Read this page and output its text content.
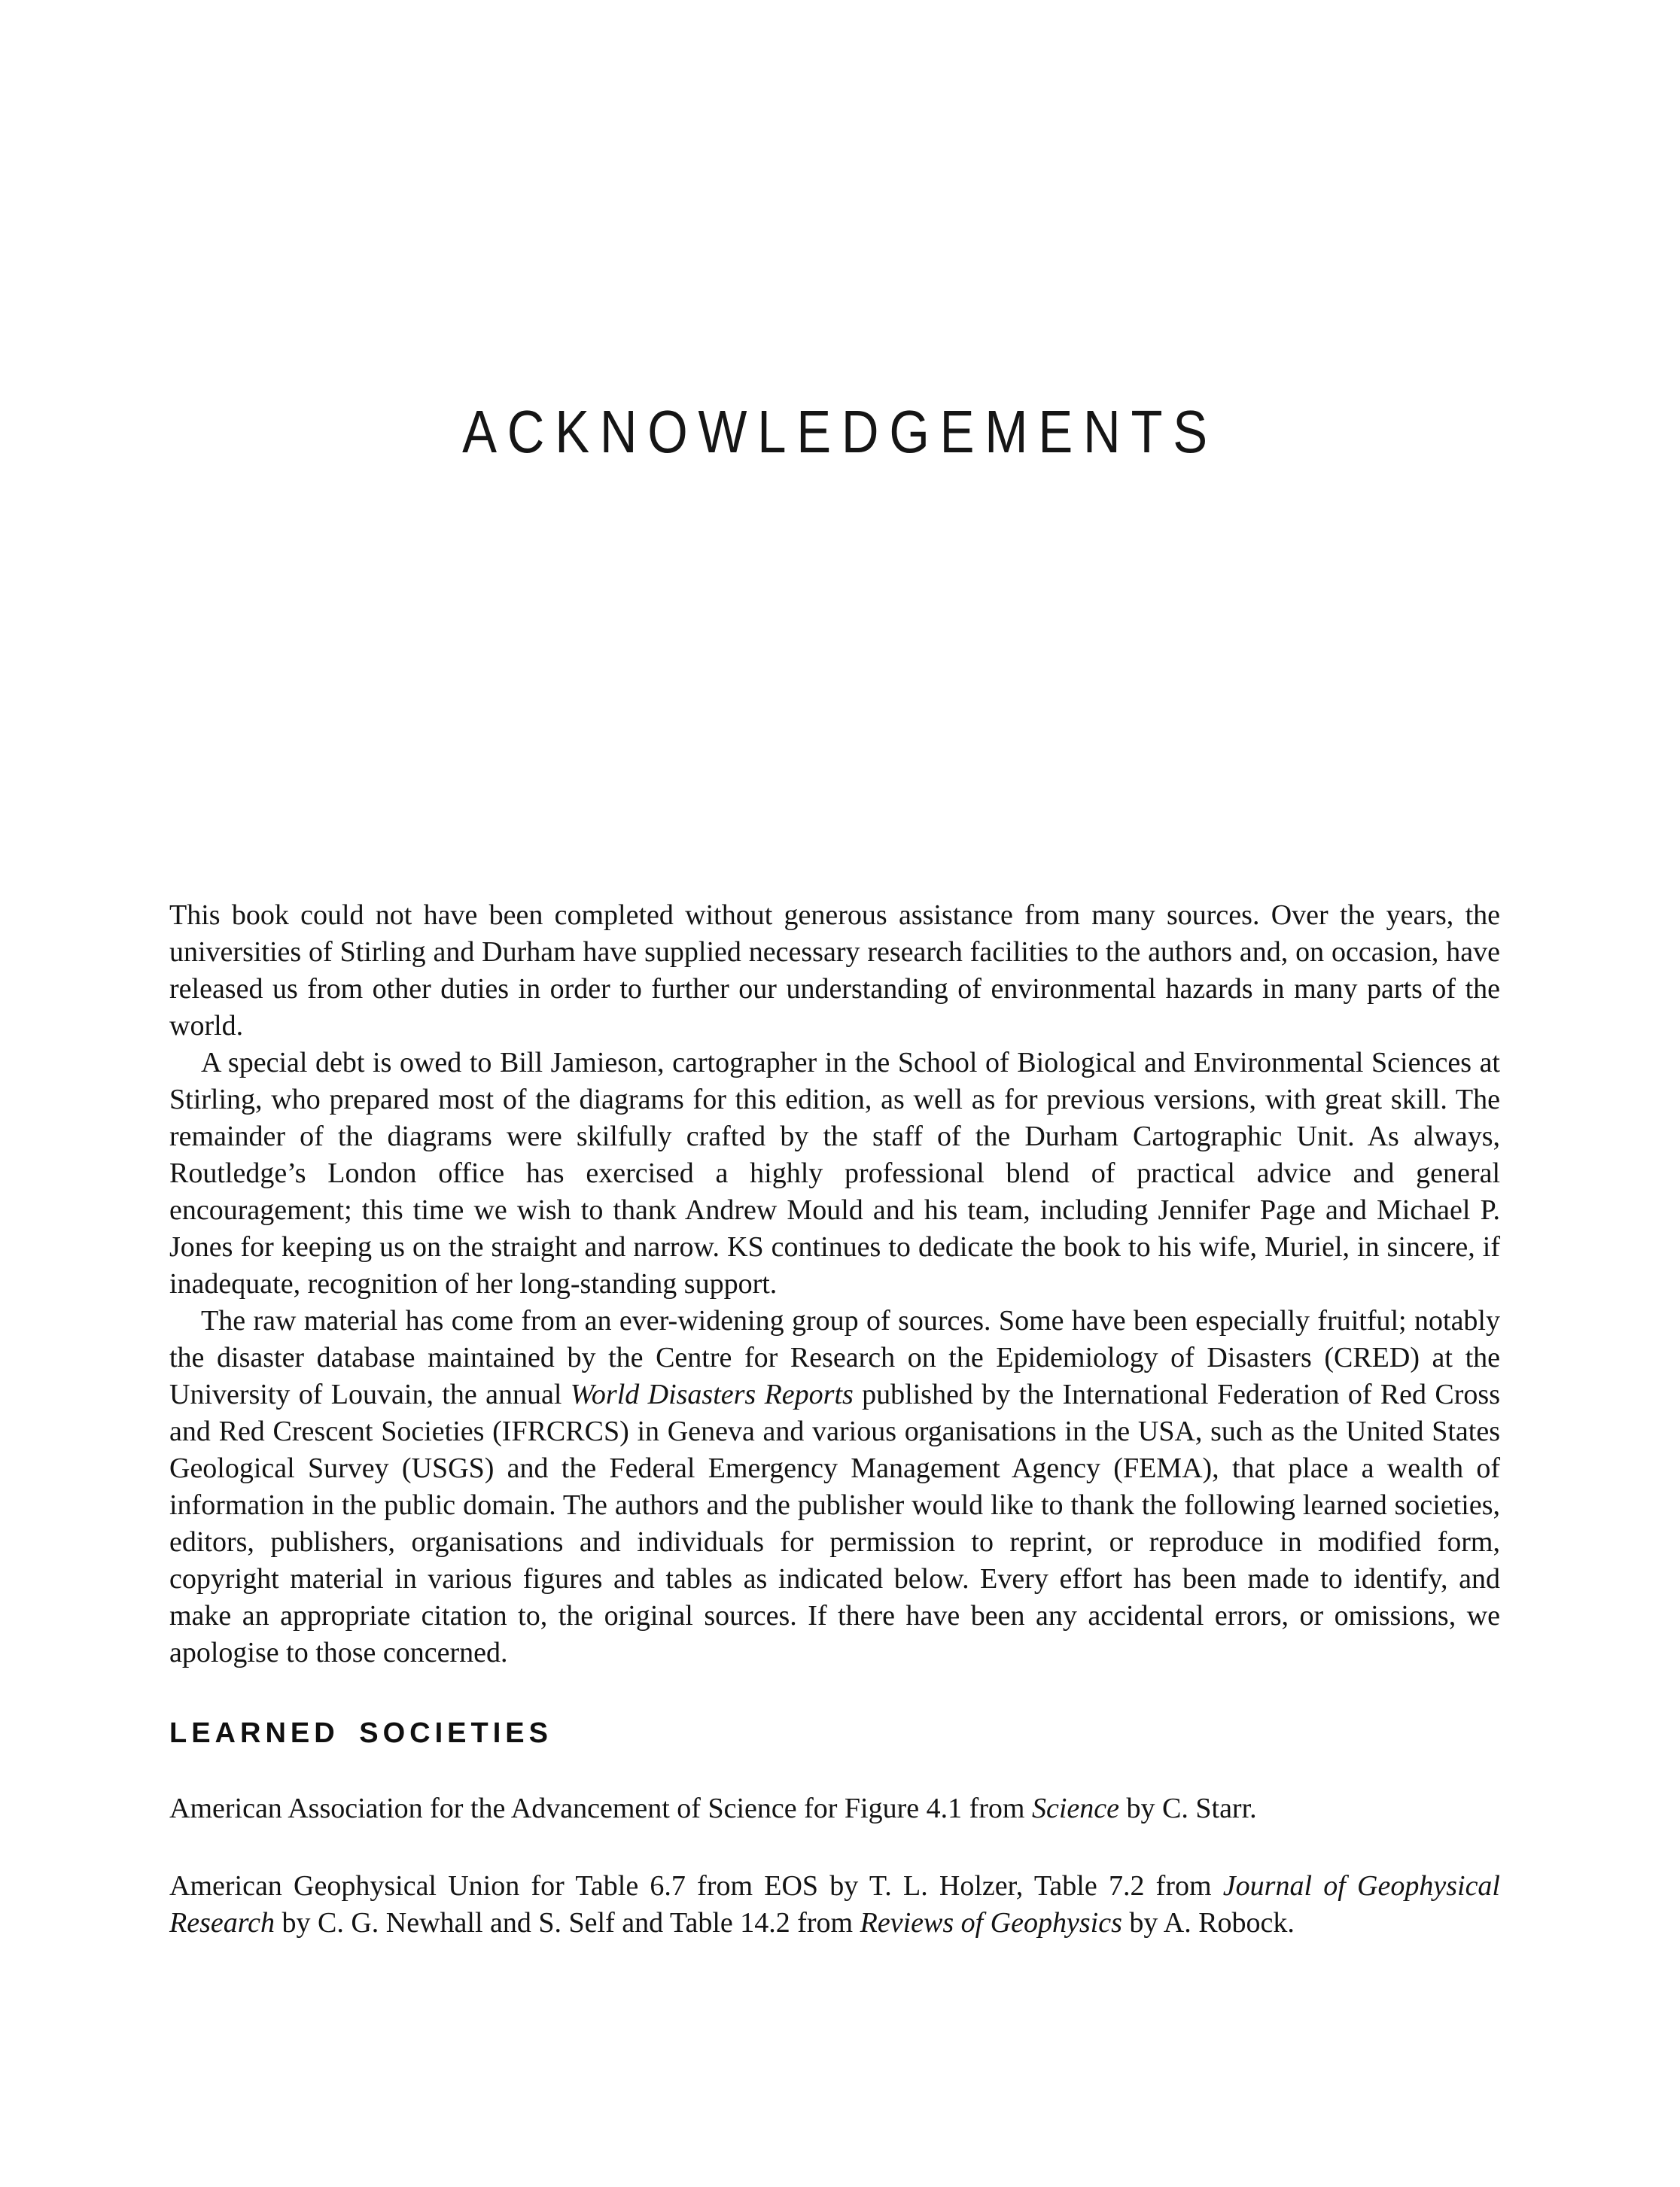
ACKNOWLEDGEMENTS

This book could not have been completed without generous assistance from many sources. Over the years, the universities of Stirling and Durham have supplied necessary research facilities to the authors and, on occasion, have released us from other duties in order to further our understanding of environmental hazards in many parts of the world.

A special debt is owed to Bill Jamieson, cartographer in the School of Biological and Environmental Sciences at Stirling, who prepared most of the diagrams for this edition, as well as for previous versions, with great skill. The remainder of the diagrams were skilfully crafted by the staff of the Durham Cartographic Unit. As always, Routledge’s London office has exercised a highly professional blend of practical advice and general encouragement; this time we wish to thank Andrew Mould and his team, including Jennifer Page and Michael P. Jones for keeping us on the straight and narrow. KS continues to dedicate the book to his wife, Muriel, in sincere, if inadequate, recognition of her long-standing support.

The raw material has come from an ever-widening group of sources. Some have been especially fruitful; notably the disaster database maintained by the Centre for Research on the Epidemiology of Disasters (CRED) at the University of Louvain, the annual World Disasters Reports published by the International Federation of Red Cross and Red Crescent Societies (IFRCRCS) in Geneva and various organisations in the USA, such as the United States Geological Survey (USGS) and the Federal Emergency Management Agency (FEMA), that place a wealth of information in the public domain. The authors and the publisher would like to thank the following learned societies, editors, publishers, organisations and individuals for permission to reprint, or reproduce in modified form, copyright material in various figures and tables as indicated below. Every effort has been made to identify, and make an appropriate citation to, the original sources. If there have been any accidental errors, or omissions, we apologise to those concerned.

LEARNED SOCIETIES

American Association for the Advancement of Science for Figure 4.1 from Science by C. Starr.

American Geophysical Union for Table 6.7 from EOS by T. L. Holzer, Table 7.2 from Journal of Geophysical Research by C. G. Newhall and S. Self and Table 14.2 from Reviews of Geophysics by A. Robock.
